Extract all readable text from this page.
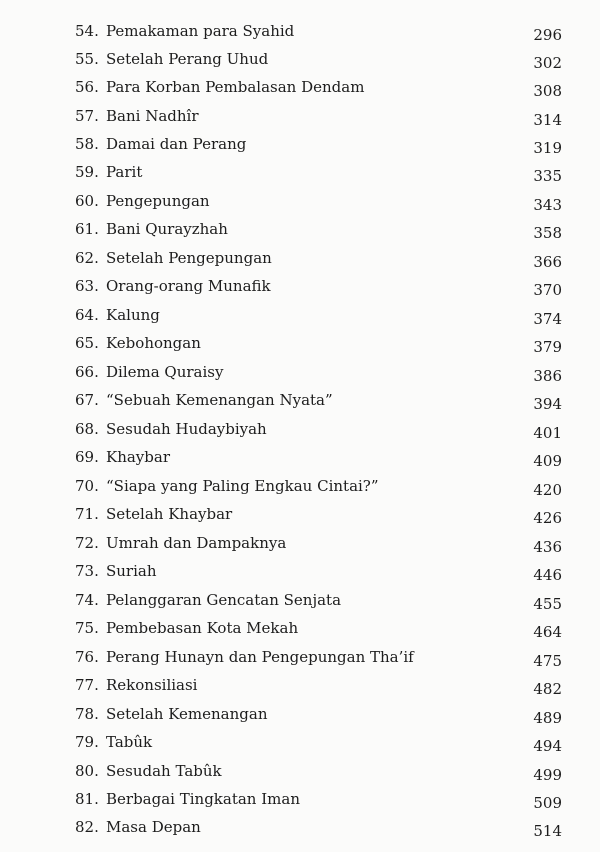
54. Pemakaman para Syahid	296
55. Setelah Perang Uhud	302
56. Para Korban Pembalasan Dendam	308
57. Bani Nadhîr	314
58. Damai dan Perang	319
59. Parit	335
60. Pengepungan	343
61. Bani Qurayzhah	358
62. Setelah Pengepungan	366
63. Orang-orang Munafik	370
64. Kalung	374
65. Kebohongan	379
66. Dilema Quraisy	386
67. “Sebuah Kemenangan Nyata”	394
68. Sesudah Hudaybiyah	401
69. Khaybar	409
70. “Siapa yang Paling Engkau Cintai?”	420
71. Setelah Khaybar	426
72. Umrah dan Dampaknya	436
73. Suriah	446
74. Pelanggaran Gencatan Senjata	455
75. Pembebasan Kota Mekah	464
76. Perang Hunayn dan Pengepungan Tha’if	475
77. Rekonsiliasi	482
78. Setelah Kemenangan	489
79. Tabûk	494
80. Sesudah Tabûk	499
81. Berbagai Tingkatan Iman	509
82. Masa Depan	514
